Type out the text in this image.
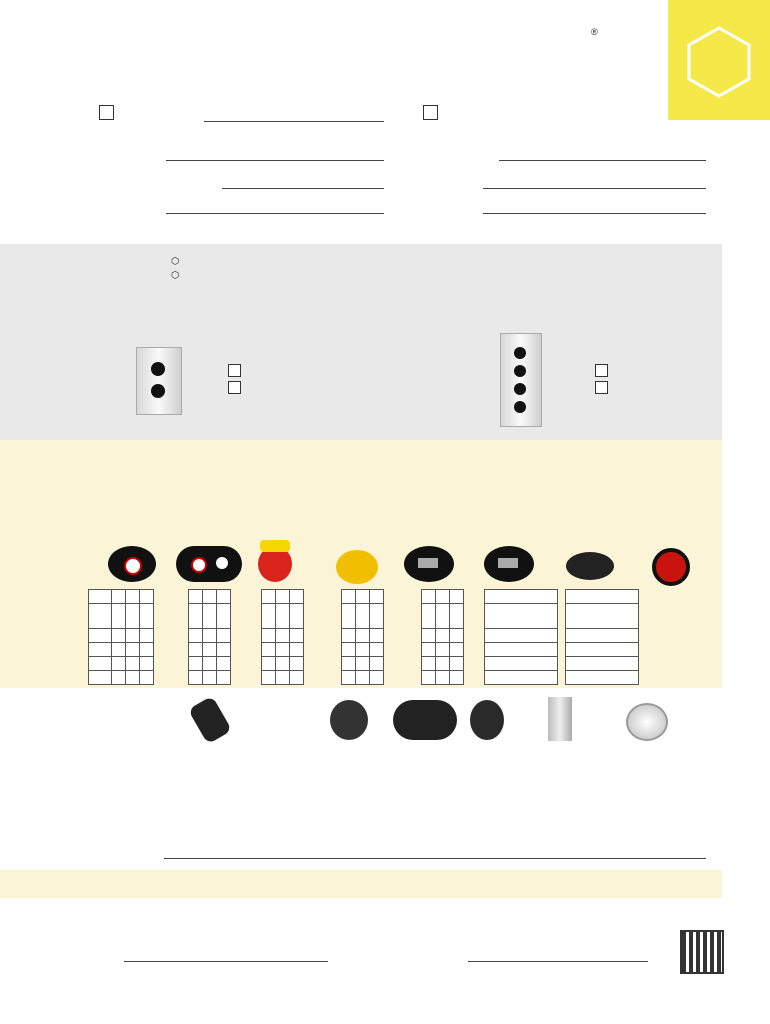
®
⬡
⬡
